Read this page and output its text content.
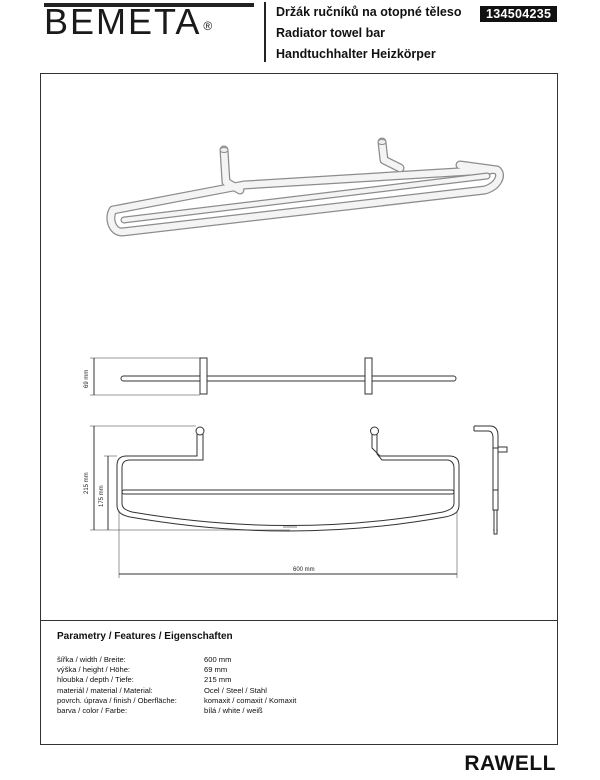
BEMETA ®
Držák ručníků na otopné těleso
Radiator towel bar
Handtuchhalter Heizkörper
134504235
69 mm
215 mm
175 mm
600 mm
Parametry / Features / Eigenschaften
šířka / width / Breite:	600 mm
výška / height / Höhe:	69 mm
hloubka / depth / Tiefe:	215 mm
materiál / material / Material:	Ocel / Steel / Stahl
povrch. úprava / finish / Oberfläche:	komaxit / comaxit / Komaxit
barva / color / Farbe:	bílá / white / weiß
RAWELL
